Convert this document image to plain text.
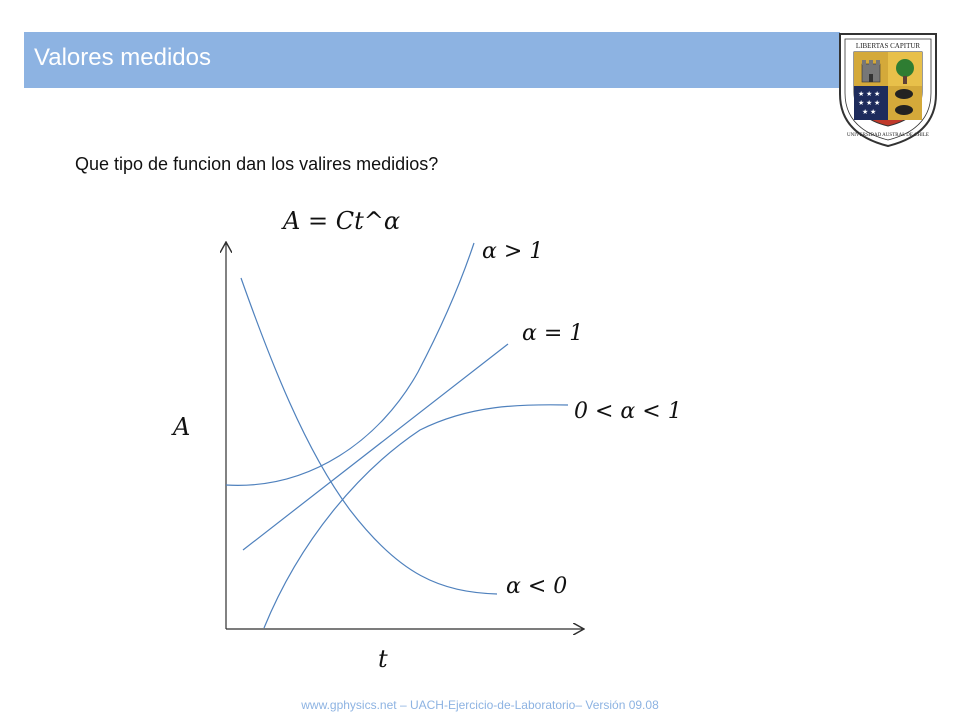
Valores medidos	LIBERTAS CAPITUR
★ ★ ★
★ ★ ★
★ ★
UNIVERSIDAD AUSTRAL DE CHILE
Que tipo de funcion dan los valires medidios?
A = Ct^α
A
t
α > 1
α = 1
0 < α < 1
α < 0
www.gphysics.net – UACH-Ejercicio-de-Laboratorio– Versión 09.08
